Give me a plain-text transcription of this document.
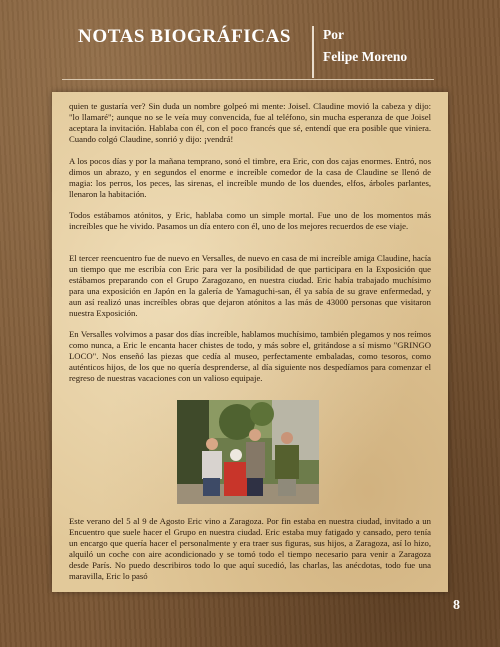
NOTAS BIOGRÁFICAS Por
Felipe Moreno

quien te gustaría ver? Sin duda un nombre golpeó mi mente: Joisel. Claudine movió la cabeza y dijo: "lo llamaré"; aunque no se le veía muy convencida, fue al teléfono, sin mucha esperanza de que Joisel aceptara la invitación. Hablaba con él, con el poco francés que sé, entendí que era posible que viniera. Cuando colgó Claudine, sonrió y dijo: ¡vendrá!

A los pocos días y por la mañana temprano, sonó el timbre, era Eric, con dos cajas enormes. Entró, nos dimos un abrazo, y en segundos el enorme e increíble comedor de la casa de Claudine se llenó de magia: los perros, los peces, las sirenas, el increíble mundo de los duendes, elfos, árboles parlantes, llenaron la habitación.

Todos estábamos atónitos, y Eric, hablaba como un simple mortal. Fue uno de los momentos más increíbles que he vivido. Pasamos un día entero con él, uno de los mejores recuerdos de ese viaje.

El tercer reencuentro fue de nuevo en Versalles, de nuevo en casa de mi increíble amiga Claudine, hacía un tiempo que me escribía con Eric para ver la posibilidad de que participara en la Exposición que estábamos preparando con el Grupo Zaragozano, en nuestra ciudad. Eric había trabajado muchísimo para una exposición en Japón en la galería de Yamaguchi-san, él ya sabía de su grave enfermedad, y aun así realizó unas increíbles obras que dejaron atónitos a las más de 43000 personas que visitaron nuestra Exposición.

En Versalles volvimos a pasar dos días increíble, hablamos muchísimo, también plegamos y nos reímos como nunca, a Eric le encanta hacer chistes de todo, y más sobre el, gritándose a sí mismo "GRINGO LOCO". Nos enseñó las piezas que cedía al museo, perfectamente embaladas, como tesoros, como auténticos hijos, de los que no quería desprenderse, al día siguiente nos despedíamos para comenzar el regreso de nuestras vacaciones con un valioso equipaje.

Este verano del 5 al 9 de Agosto Eric vino a Zaragoza. Por fin estaba en nuestra ciudad, invitado a un Encuentro que suele hacer el Grupo en nuestra ciudad. Eric estaba muy fatigado y cansado, pero tenía un encargo que quería hacer el personalmente y era traer sus figuras, sus hijos, a Zaragoza, así lo hizo, alquiló un coche con aire acondicionado y se tomó todo el tiempo necesario para venir a Zaragoza desde París. No puedo describiros todo lo que aquí sucedió, las charlas, las anécdotas, todo fue una maravilla, Eric lo pasó

8
